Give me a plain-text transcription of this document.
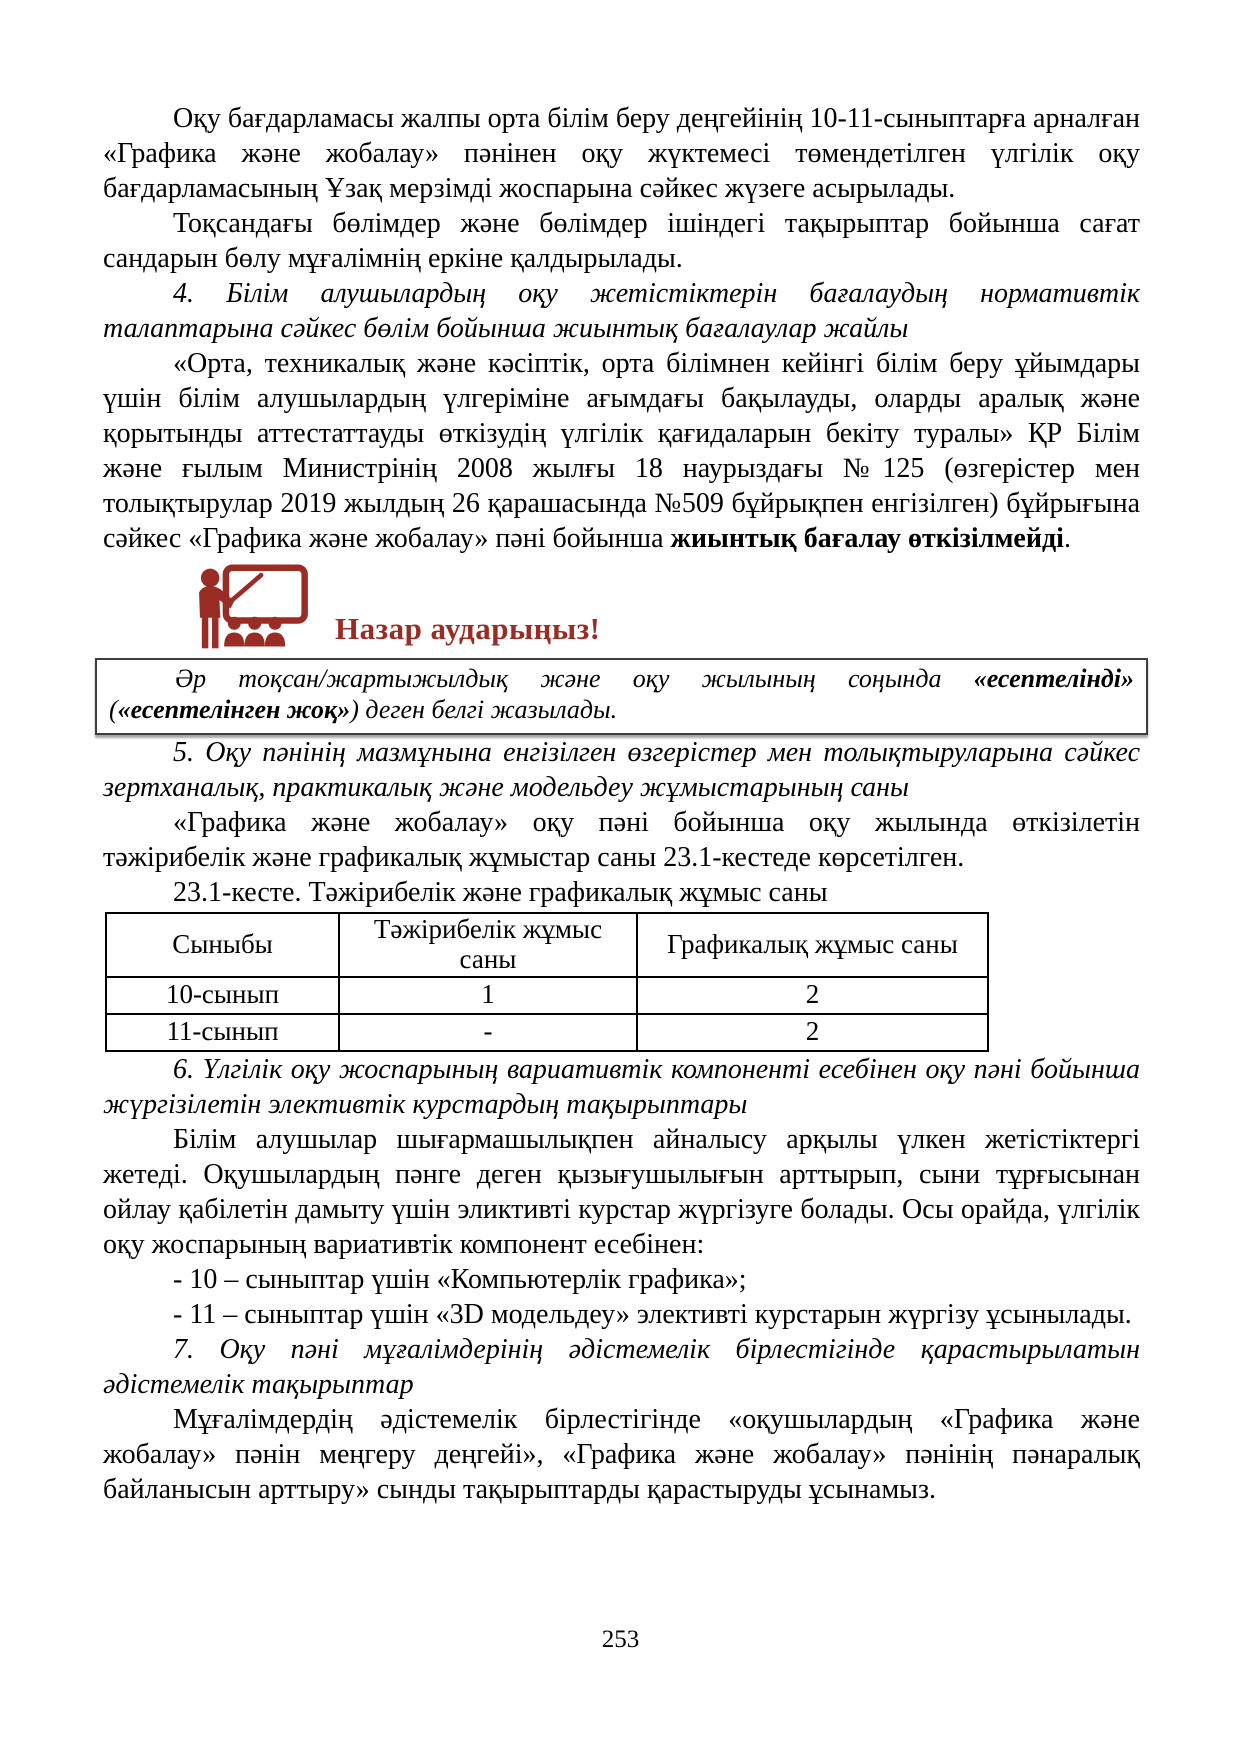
Оқу бағдарламасы жалпы орта білім беру деңгейінің 10-11-сыныптарға арналған «Графика және жобалау» пәнінен оқу жүктемесі төмендетілген үлгілік оқу бағдарламасының Ұзақ мерзімді жоспарына сәйкес жүзеге асырылады.

Тоқсандағы бөлімдер және бөлімдер ішіндегі тақырыптар бойынша сағат сандарын бөлу мұғалімнің еркіне қалдырылады.

4. Білім алушылардың оқу жетістіктерін бағалаудың нормативтік талаптарына сәйкес бөлім бойынша жиынтық бағалаулар жайлы

«Орта, техникалық және кәсіптік, орта білімнен кейінгі білім беру ұйымдары үшін білім алушылардың үлгеріміне ағымдағы бақылауды, оларды аралық және қорытынды аттестаттауды өткізудің үлгілік қағидаларын бекіту туралы» ҚР Білім және ғылым Министрінің 2008 жылғы 18 наурыздағы №125 (өзгерістер мен толықтырулар 2019 жылдың 26 қарашасында №509 бұйрықпен енгізілген) бұйрығына сәйкес «Графика және жобалау» пәні бойынша жиынтық бағалау өткізілмейді.

Назар аударыңыз!
Әр тоқсан/жартыжылдық және оқу жылының соңында «есептелінді» («есептелінген жоқ») деген белгі жазылады.

5. Оқу пәнінің мазмұнына енгізілген өзгерістер мен толықтыруларына сәйкес зертханалық, практикалық және модельдеу жұмыстарының саны

«Графика және жобалау» оқу пәні бойынша оқу жылында өткізілетін тәжірибелік және графикалық жұмыстар саны 23.1-кестеде көрсетілген.

23.1-кесте. Тәжірибелік және графикалық жұмыс саны

Сыныбы	Тәжірибелік жұмыс саны	Графикалық жұмыс саны
10-сынып	1	2
11-сынып	-	2

6. Үлгілік оқу жоспарының вариативтік компоненті есебінен оқу пәні бойынша жүргізілетін элективтік курстардың тақырыптары

Білім алушылар шығармашылықпен айналысу арқылы үлкен жетістіктергі жетеді. Оқушылардың пәнге деген қызығушылығын арттырып, сыни тұрғысынан ойлау қабілетін дамыту үшін эликтивті курстар жүргізуге болады. Осы орайда, үлгілік оқу жоспарының вариативтік компонент есебінен:

- 10 – сыныптар үшін «Компьютерлік графика»;

- 11 – сыныптар үшін «3D модельдеу» элективті курстарын жүргізу ұсынылады.

7. Оқу пәні мұғалімдерінің әдістемелік бірлестігінде қарастырылатын әдістемелік тақырыптар

Мұғалімдердің әдістемелік бірлестігінде «оқушылардың «Графика және жобалау» пәнін меңгеру деңгейі», «Графика және жобалау» пәнінің пәнаралық байланысын арттыру» сынды тақырыптарды қарастыруды ұсынамыз.

253
